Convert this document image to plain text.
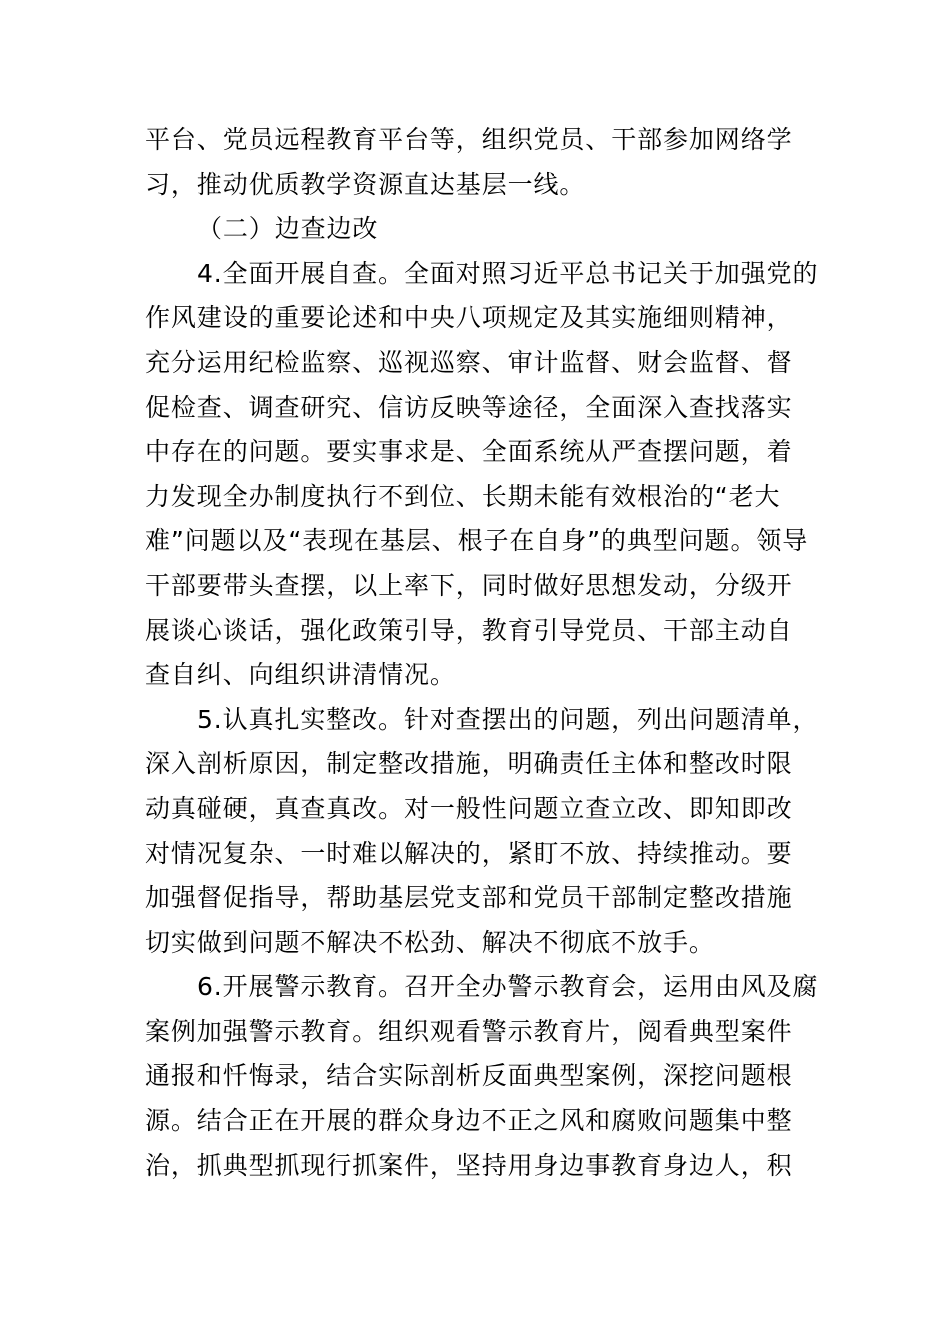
平台、党员远程教育平台等，组织党员、干部参加网络学
习，推动优质教学资源直达基层一线。
（二）边查边改
4.全面开展自查。全面对照习近平总书记关于加强党的
作风建设的重要论述和中央八项规定及其实施细则精神，
充分运用纪检监察、巡视巡察、审计监督、财会监督、督
促检查、调查研究、信访反映等途径，全面深入查找落实
中存在的问题。要实事求是、全面系统从严查摆问题，着
力发现全办制度执行不到位、长期未能有效根治的“老大
难”问题以及“表现在基层、根子在自身”的典型问题。领导
干部要带头查摆，以上率下，同时做好思想发动，分级开
展谈心谈话，强化政策引导，教育引导党员、干部主动自
查自纠、向组织讲清情况。
5.认真扎实整改。针对查摆出的问题，列出问题清单，
深入剖析原因，制定整改措施，明确责任主体和整改时限
动真碰硬，真查真改。对一般性问题立查立改、即知即改
对情况复杂、一时难以解决的，紧盯不放、持续推动。要
加强督促指导，帮助基层党支部和党员干部制定整改措施
切实做到问题不解决不松劲、解决不彻底不放手。
6.开展警示教育。召开全办警示教育会，运用由风及腐
案例加强警示教育。组织观看警示教育片，阅看典型案件
通报和忏悔录，结合实际剖析反面典型案例，深挖问题根
源。结合正在开展的群众身边不正之风和腐败问题集中整
治，抓典型抓现行抓案件，坚持用身边事教育身边人，积
